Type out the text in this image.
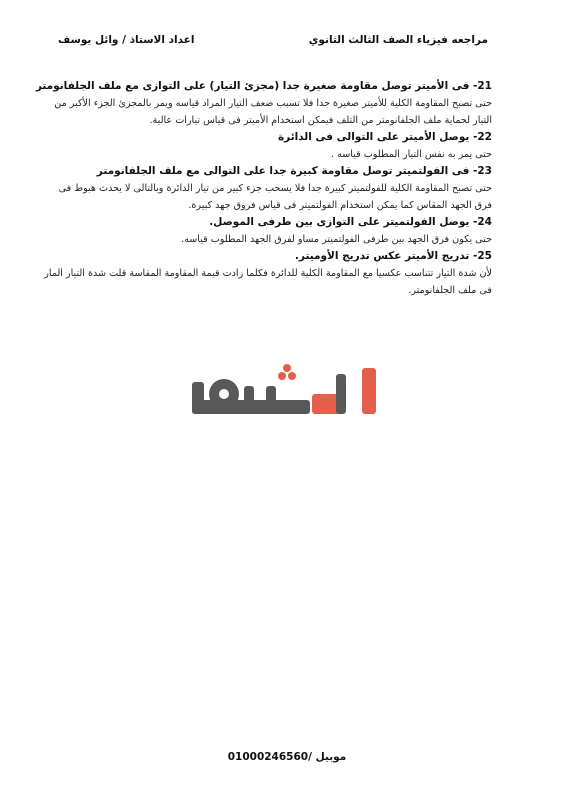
مراجعه فيزياء الصف الثالث الثانوي
اعداد الاستاذ / وائل يوسف

21- فى الأميتر توصل مقاومة صغيرة جدا (مجزئ التيار) على التوازى مع ملف الجلفانومتر

حتى تصبح المقاومة الكلية للأميتر صغيرة جدا فلا تسبب ضعف التيار المراد قياسه ويمر بالمجزئ الجزء الأكبر من التيار لحماية ملف الجلفانومتر من التلف فيمكن استخدام الأميتر فى قياس تيارات عالية.

22- يوصل الأميتر على التوالى فى الدائرة

حتى يمر به نفس التيار المطلوب قياسه .

23- فى الفولتميتر توصل مقاومة كبيرة جدا على التوالى مع ملف الجلفانومتر

حتى تصبح المقاومة الكلية للفولتميتر كبيرة جدا فلا يسحب جزء كبير من تيار الدائرة وبالتالى لا يحدث هبوط فى فرق الجهد المقاس كما يمكن استخدام الفولتميتر فى قياس فروق جهد كبيرة.

24- يوصل الفولتميتر على التوازى بين طرفى الموصل.

حتى يكون فرق الجهد بين طرفى الفولتميتر مساو لفرق الجهد المطلوب قياسه.

25- تدريج الأميتر عكس تدريج الأوميتر.

لأن شدة التيار تتناسب عكسيا مع المقاومة الكلية للدائرة فكلما زادت قيمة المقاومة المقاسة قلت شدة التيار المار فى ملف الجلفانومتر.

موبيل /01000246560
